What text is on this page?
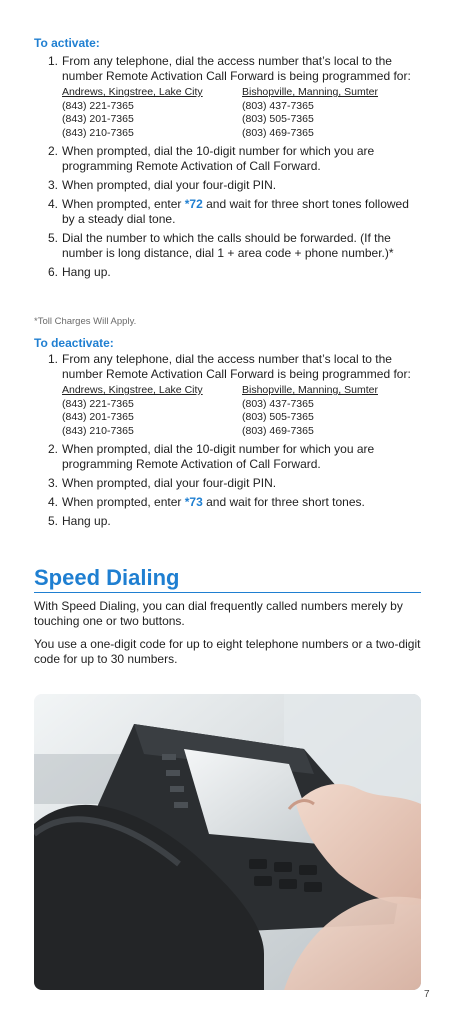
To activate:
1. From any telephone, dial the access number that’s local to the number Remote Activation Call Forward is being programmed for:
Andrews, Kingstree, Lake City
(843) 221-7365
(843) 201-7365
(843) 210-7365
Bishopville, Manning, Sumter
(803) 437-7365
(803) 505-7365
(803) 469-7365
2. When prompted, dial the 10-digit number for which you are programming Remote Activation of Call Forward.
3. When prompted, dial your four-digit PIN.
4. When prompted, enter *72 and wait for three short tones followed by a steady dial tone.
5. Dial the number to which the calls should be forwarded. (If the number is long distance, dial 1 + area code + phone number.)*
6. Hang up.
*Toll Charges Will Apply.
To deactivate:
1. From any telephone, dial the access number that’s local to the number Remote Activation Call Forward is being programmed for:
Andrews, Kingstree, Lake City
(843) 221-7365
(843) 201-7365
(843) 210-7365
Bishopville, Manning, Sumter
(803) 437-7365
(803) 505-7365
(803) 469-7365
2. When prompted, dial the 10-digit number for which you are programming Remote Activation of Call Forward.
3. When prompted, dial your four-digit PIN.
4. When prompted, enter *73 and wait for three short tones.
5. Hang up.
Speed Dialing

With Speed Dialing, you can dial frequently called numbers merely by touching one or two buttons.

You use a one-digit code for up to eight telephone numbers or a two-digit code for up to 30 numbers.

7
